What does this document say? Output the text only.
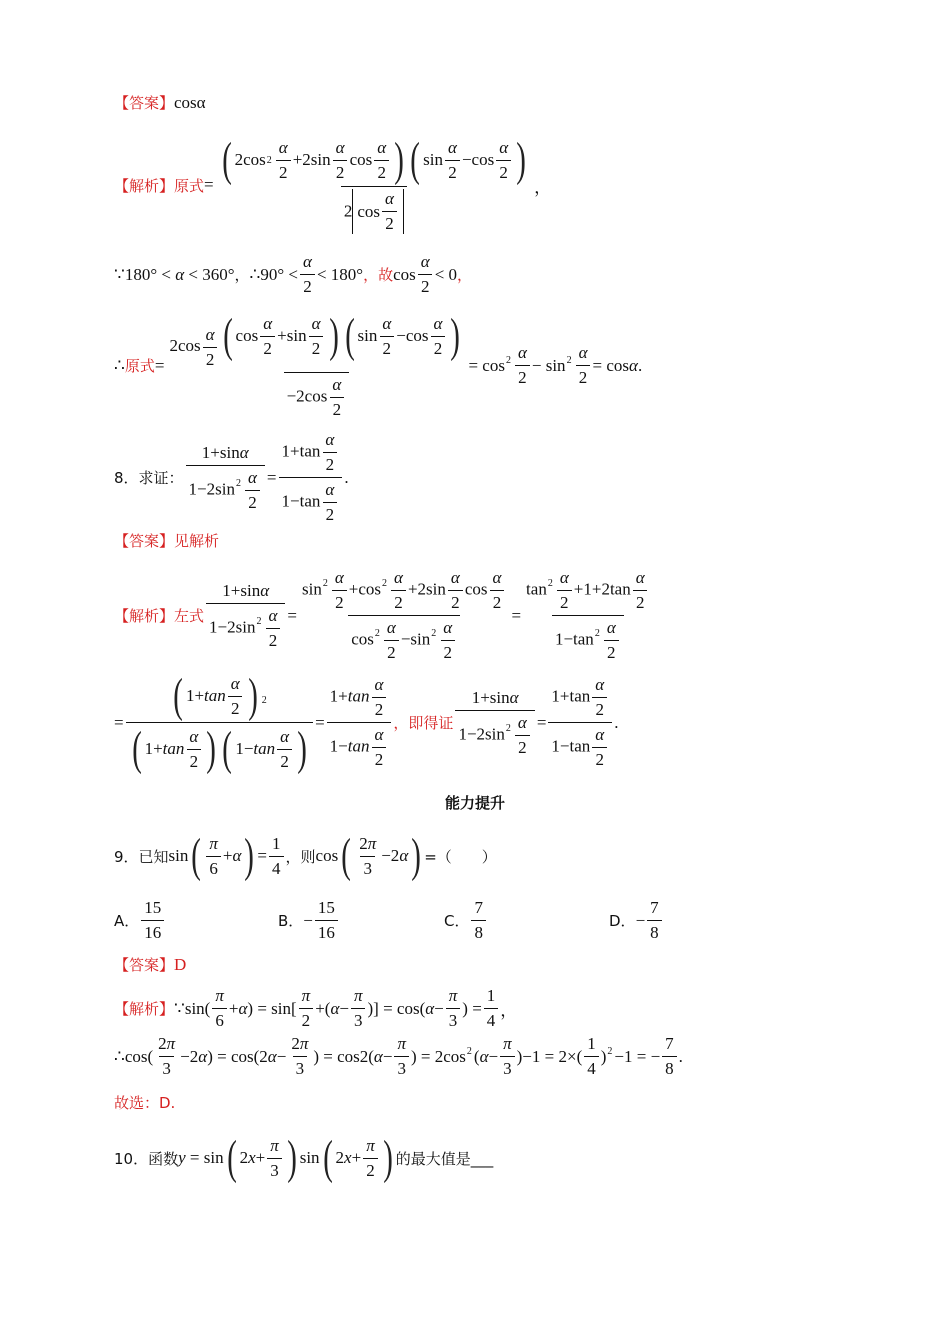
【答案】 cosα
【解析】 原式 = ( 2cos $2 \frac{\alpha}{2} +2\sin \frac{\alpha}{2}$ $\cos \frac{\alpha}{2}$ ) ( $\sin \frac{\alpha}{2} -\cos \frac{\alpha}{2}$ )
2 $\cos \frac{\alpha}{2}$
，
∵180° < α < 360° ， ∴90° < $\frac{\alpha}{2} < 180^\circ$ ，故 $\cos \frac{\alpha}{2} < 0$ ，
∴ 原式 = $\frac{2\cos \frac{\alpha}{2} ( \cos \frac{\alpha}{2} +\sin \frac{\alpha}{2} ) ( \sin \frac{\alpha}{2} -\cos \frac{\alpha}{2} )}{-2\cos \frac{\alpha}{2}} = \cos^2 \frac{\alpha}{2} - \sin^2 \frac{\alpha}{2} = \cos\alpha$.
8．求证： $\frac{1+\sin\alpha}{1-2\sin^2 \frac{\alpha}{2}} = \frac{1+\tan \frac{\alpha}{2}}{1-\tan \frac{\alpha}{2}}$ .
【答案】 见解析
【解析】 左式 $\frac{1+\sin\alpha}{1-2\sin^2 \frac{\alpha}{2}} = \frac{\sin^2 \frac{\alpha}{2} +\cos^2 \frac{\alpha}{2} +2\sin \frac{\alpha}{2} \cos \frac{\alpha}{2}}{\cos^2 \frac{\alpha}{2} -\sin^2 \frac{\alpha}{2}} = \frac{\tan^2 \frac{\alpha}{2} +1+2\tan \frac{\alpha}{2}}{1-\tan^2 \frac{\alpha}{2}}$
= $\frac{( 1+ \tan \frac{\alpha}{2} ) ^2}{( 1+ \tan \frac{\alpha}{2} ) ( 1- \tan \frac{\alpha}{2} )} = \frac{1+\tan \frac{\alpha}{2}}{1-\tan \frac{\alpha}{2}}$ ，即得证 $\frac{1+\sin\alpha}{1-2\sin^2 \frac{\alpha}{2}} = \frac{1+\tan \frac{\alpha}{2}}{1-\tan \frac{\alpha}{2}}$ .
能力提升
9．已知 sin ( $\frac{\pi}{6} + \alpha$ ) = $\frac{1}{4}$ ，则 cos ( $\frac{2\pi}{3} -2$ α ) =（　　）
A． $\frac{15}{16}$	B． − $\frac{15}{16}$	C． $\frac{7}{8}$	D． − $\frac{7}{8}$
【答案】 D
【解析】 ∵sin( $\frac{\pi}{6} +\alpha) = \sin[ \frac{\pi}{2} +(\alpha- \frac{\pi}{3}$ )] = $\cos(\alpha- \frac{\pi}{3}$ ) = $\frac{1}{4}$ ，
∴cos( $\frac{2\pi}{3} -2\alpha) = \cos(2\alpha- \frac{2\pi}{3}$ ) = $\cos 2(\alpha- \frac{\pi}{3}$ ) = $2\cos^2$ $(\alpha- \frac{\pi}{3} )-1 = 2\times( \frac{1}{4} )^2 -1$ = − $\frac{7}{8}$ .
故选：D.
10．函数 y = sin ( 2 $x + \frac{\pi}{3}$ ) sin ( 2 $x + \frac{\pi}{2}$ ) 的最大值是___
